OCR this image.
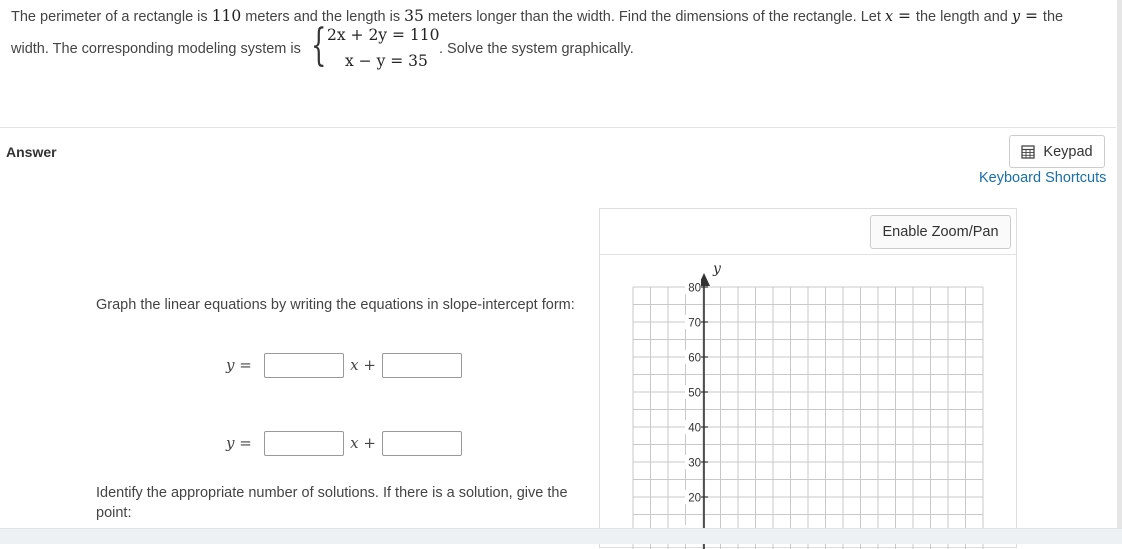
The perimeter of a rectangle is 110 meters and the length is 35 meters longer than the width. Find the dimensions of the rectangle. Let x = the length and y = the
width. The corresponding modeling system is { 2x + 2y = 110
x − y = 35
. Solve the system graphically.
Answer	Keypad
Keyboard Shortcuts
Graph the linear equations by writing the equations in slope-intercept form:
y =	x +
y =	x +
Identify the appropriate number of solutions. If there is a solution, give the point:
Enable Zoom/Pan
y
80
70
60
50
40
30
20
